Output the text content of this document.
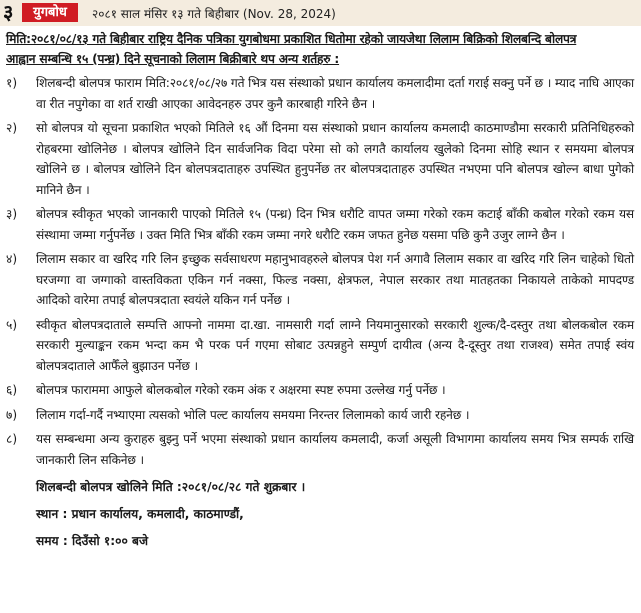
३	युगबोध	२०८१ साल मंसिर १३ गते बिहीबार (Nov. 28, 2024)
मिति:२०८१/०८/१३ गते बिहीबार राष्ट्रिय दैनिक पत्रिका युगबोधमा प्रकाशित धितोमा रहेको जायजेथा लिलाम बिक्रिको शिलबन्दि बोलपत्र
आह्वान सम्बन्धि १५ (पन्ध्र) दिने सूचनाको लिलाम बिक्रीबारे थप अन्य शर्तहरु :
१)	शिलबन्दी बोलपत्र फाराम मिति:२०८१/०८/२७ गते भित्र यस संस्थाको प्रधान कार्यालय कमलादीमा दर्ता गराई सक्नु पर्ने छ । म्याद नाघि आएका वा रीत नपुगेका वा शर्त राखी आएका आवेदनहरु उपर कुनै कारबाही गरिने छैन ।
२)	सो बोलपत्र यो सूचना प्रकाशित भएको मितिले १६ औं दिनमा यस संस्थाको प्रधान कार्यालय कमलादी काठमाण्डौमा सरकारी प्रतिनिधिहरुको रोहबरमा खोलिनेछ । बोलपत्र खोलिने दिन सार्वजनिक विदा परेमा सो को लगतै कार्यालय खुलेको दिनमा सोहि स्थान र समयमा बोलपत्र खोलिने छ । बोलपत्र खोलिने दिन बोलपत्रदाताहरु उपस्थित हुनुपर्नेछ तर बोलपत्रदाताहरु उपस्थित नभएमा पनि बोलपत्र खोल्न बाधा पुगेको मानिने छैन ।
३)	बोलपत्र स्वीकृत भएको जानकारी पाएको मितिले १५ (पन्ध्र) दिन भित्र धरौटि वापत जम्मा गरेको रकम कटाई बाँकी कबोल गरेको रकम यस संस्थामा जम्मा गर्नुपर्नेछ । उक्त मिति भित्र बाँकी रकम जम्मा नगरे धरौटि रकम जफत हुनेछ यसमा पछि कुनै उजुर लाग्ने छैन ।
४)	लिलाम सकार वा खरिद गरि लिन इच्छुक सर्वसाधरण महानुभावहरुले बोलपत्र पेश गर्न अगावै लिलाम सकार वा खरिद गरि लिन चाहेको धितो घरजग्गा वा जग्गाको वास्तविकता एकिन गर्न नक्सा, फिल्ड नक्सा, क्षेत्रफल, नेपाल सरकार तथा मातहतका निकायले ताकेको मापदण्ड आदिको वारेमा तपाई बोलपत्रदाता स्वयंले यकिन गर्न पर्नेछ ।
५)	स्वीकृत बोलपत्रदाताले सम्पत्ति आफ्नो नाममा दा.खा. नामसारी गर्दा लाग्ने नियमानुसारको सरकारी शुल्क/दै-दस्तुर तथा बोलकबोल रकम सरकारी मुल्याङ्कन रकम भन्दा कम भै परक पर्न गएमा सोबाट उत्पन्नहुने सम्पुर्ण दायीत्व (अन्य दै-दूस्तुर तथा राजश्व) समेत तपाई स्वंय बोलपत्रदाताले आफैँले बुझाउन पर्नेछ ।
६)	बोलपत्र फाराममा आफुले बोलकबोल गरेको रकम अंक र अक्षरमा स्पष्ट रुपमा उल्लेख गर्नु पर्नेछ ।
७)	लिलाम गर्दा-गर्दै नभ्याएमा त्यसको भोलि पल्ट कार्यालय समयमा निरन्तर लिलामको कार्य जारी रहनेछ ।
८)	यस सम्बन्धमा अन्य कुराहरु बुझ्नु पर्ने भएमा संस्थाको प्रधान कार्यालय कमलादी, कर्जा असूली विभागमा कार्यालय समय भित्र सम्पर्क राखि जानकारी लिन सकिनेछ ।
शिलबन्दी बोलपत्र खोलिने मिति :२०८१/०८/२८ गते शुक्रबार ।
स्थान : प्रधान कार्यालय, कमलादी, काठमाण्डौं,
समय : दिउँसो १:०० बजे
